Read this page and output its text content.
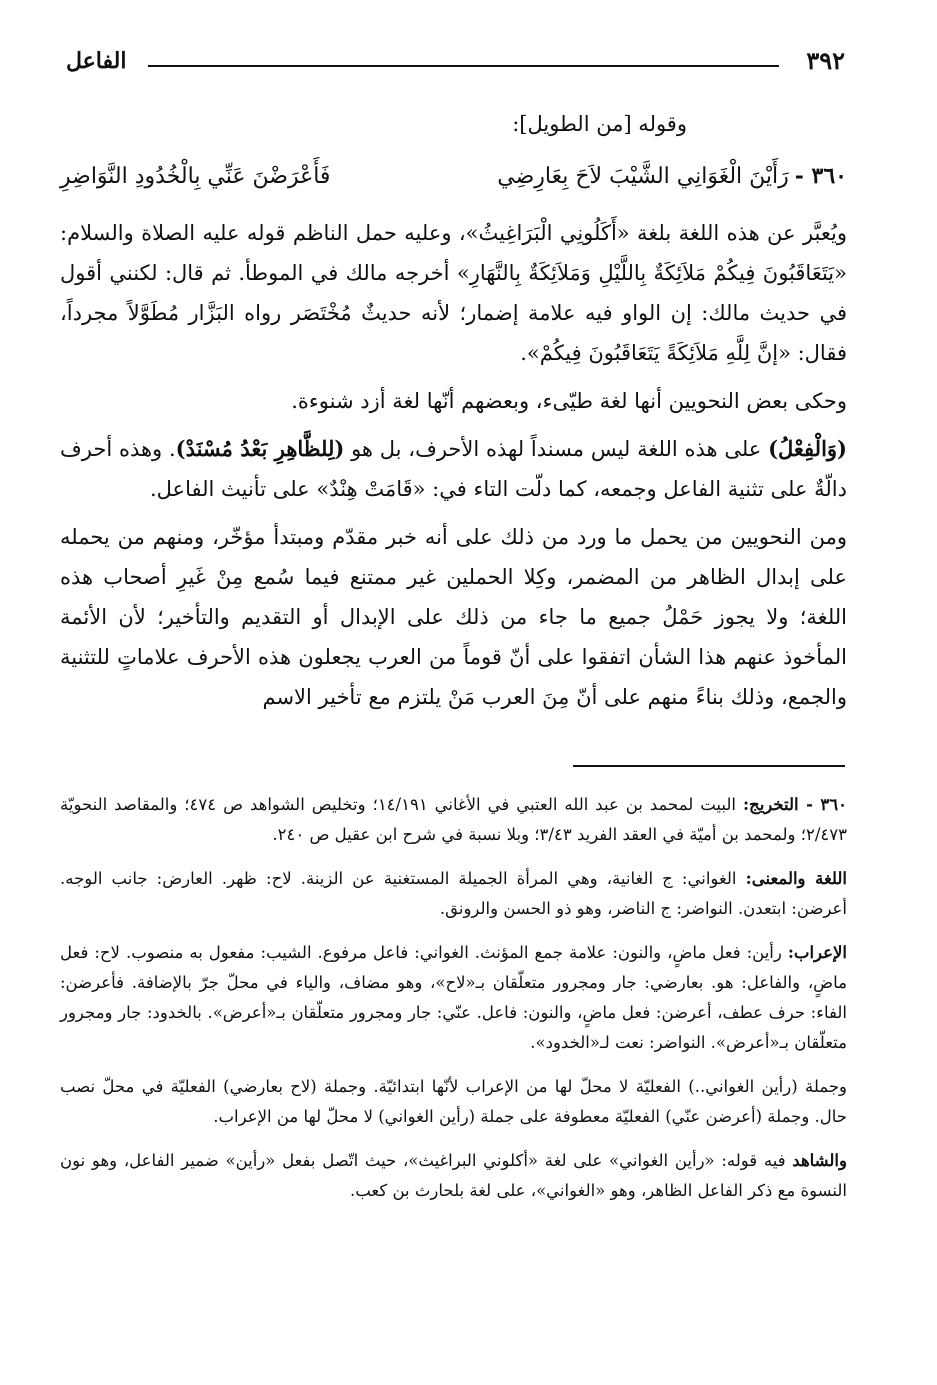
٣٩٢
الفاعل

وقوله [من الطويل]:

٣٦٠ -رَأَيْنَ الْغَوَانِي الشَّيْبَ لاَحَ بِعَارِضِي
فَأَعْرَضْنَ عَنِّي بِالْخُدُودِ النَّوَاضِرِ

ويُعبَّر عن هذه اللغة بلغة «أَكَلُونِي الْبَرَاغِيثُ»، وعليه حمل الناظم قوله عليه الصلاة والسلام: «يَتَعَاقَبُونَ فِيكُمْ مَلاَئِكَةٌ بِاللَّيْلِ وَمَلاَئِكَةٌ بِالنَّهَارِ» أخرجه مالك في الموطأ. ثم قال: لكنني أقول في حديث مالك: إن الواو فيه علامة إضمار؛ لأنه حديثٌ مُخْتَصَر رواه البَزَّار مُطَوَّلاً مجرداً، فقال: «إنَّ لِلَّهِ مَلاَئِكَةً يَتَعَاقَبُونَ فِيكُمْ».

وحكى بعض النحويين أنها لغة طيّىء، وبعضهم أنّها لغة أزد شنوءة.

(وَالْفِعْلُ) على هذه اللغة ليس مسنداً لهذه الأحرف، بل هو (لِلظَّاهِرِ بَعْدُ مُسْنَدْ). وهذه أحرف دالّةٌ على تثنية الفاعل وجمعه، كما دلّت التاء في: «قَامَتْ هِنْدٌ» على تأنيث الفاعل.

ومن النحويين من يحمل ما ورد من ذلك على أنه خبر مقدّم ومبتدأ مؤخّر، ومنهم من يحمله على إبدال الظاهر من المضمر، وكِلا الحملين غير ممتنع فيما سُمع مِنْ غَيرِ أصحاب هذه اللغة؛ ولا يجوز حَمْلُ جميع ما جاء من ذلك على الإبدال أو التقديم والتأخير؛ لأن الأئمة المأخوذ عنهم هذا الشأن اتفقوا على أنّ قوماً من العرب يجعلون هذه الأحرف علاماتٍ للتثنية والجمع، وذلك بناءً منهم على أنّ مِنَ العرب مَنْ يلتزم مع تأخير الاسم

٣٦٠ - التخريج: البيت لمحمد بن عبد الله العتبي في الأغاني ١٤/١٩١؛ وتخليص الشواهد ص ٤٧٤؛ والمقاصد النحويّة ٢/٤٧٣؛ ولمحمد بن أميّة في العقد الفريد ٣/٤٣؛ وبلا نسبة في شرح ابن عقيل ص ٢٤٠.

اللغة والمعنى: الغواني: ج الغانية، وهي المرأة الجميلة المستغنية عن الزينة. لاح: ظهر. العارض: جانب الوجه. أعرضن: ابتعدن. النواضر: ج الناضر، وهو ذو الحسن والرونق.

الإعراب: رأين: فعل ماضٍ، والنون: علامة جمع المؤنث. الغواني: فاعل مرفوع. الشيب: مفعول به منصوب. لاح: فعل ماضٍ، والفاعل: هو. بعارضي: جار ومجرور متعلّقان بـ«لاح»، وهو مضاف، والياء في محلّ جرّ بالإضافة. فأعرضن: الفاء: حرف عطف، أعرضن: فعل ماضٍ، والنون: فاعل. عنّي: جار ومجرور متعلّقان بـ«أعرض». بالخدود: جار ومجرور متعلّقان بـ«أعرض». النواضر: نعت لـ«الخدود».

وجملة (رأين الغواني..) الفعليّة لا محلّ لها من الإعراب لأنّها ابتدائيّة. وجملة (لاح بعارضي) الفعليّة في محلّ نصب حال. وجملة (أعرضن عنّي) الفعليّة معطوفة على جملة (رأين الغواني) لا محلّ لها من الإعراب.

والشاهد فيه قوله: «رأين الغواني» على لغة «أكلوني البراغيث»، حيث اتّصل بفعل «رأين» ضمير الفاعل، وهو نون النسوة مع ذكر الفاعل الظاهر، وهو «الغواني»، على لغة بلحارث بن كعب.
